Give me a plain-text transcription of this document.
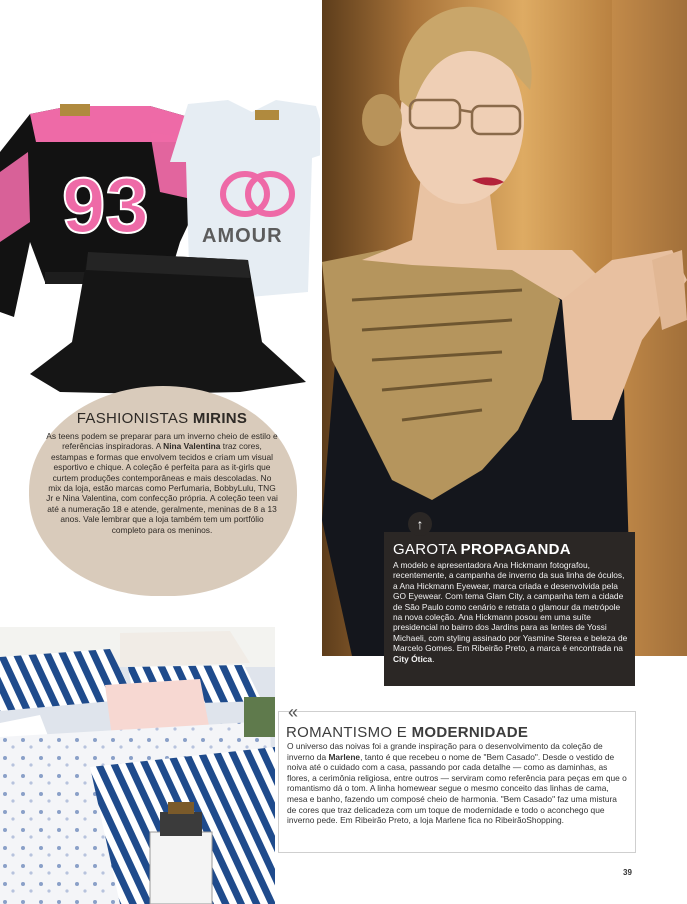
93	AMOUR
FASHIONISTAS MIRINS
As teens podem se preparar para um inverno cheio de estilo e referências inspiradoras. A Nina Valentina traz cores, estampas e formas que envolvem tecidos e criam um visual esportivo e chique. A coleção é perfeita para as it-girls que curtem produções contemporâneas e mais descoladas. No mix da loja, estão marcas como Perfumaria, BobbyLulu, TNG Jr e Nina Valentina, com confecção própria. A coleção teen vai até a numeração 18 e atende, geralmente, meninas de 8 a 13 anos. Vale lembrar que a loja também tem um portfólio completo para os meninos.	↑
GAROTA PROPAGANDA
A modelo e apresentadora Ana Hickmann fotografou, recentemente, a campanha de inverno da sua linha de óculos, a Ana Hickmann Eyewear, marca criada e desenvolvida pela GO Eyewear. Com tema Glam City, a campanha tem a cidade de São Paulo como cenário e retrata o glamour da metrópole na nova coleção. Ana Hickmann posou em uma suíte presidencial no bairro dos Jardins para as lentes de Yossi Michaeli, com styling assinado por Yasmine Sterea e beleza de Marcelo Gomes. Em Ribeirão Preto, a marca é encontrada na City Ótica.
«
ROMANTISMO E MODERNIDADE
O universo das noivas foi a grande inspiração para o desenvolvimento da coleção de inverno da Marlene, tanto é que recebeu o nome de "Bem Casado". Desde o vestido de noiva até o cuidado com a casa, passando por cada detalhe — como as daminhas, as flores, a cerimônia religiosa, entre outros — serviram como referência para peças em que o romantismo dá o tom. A linha homewear segue o mesmo conceito das linhas de cama, mesa e banho, fazendo um composé cheio de harmonia. "Bem Casado" faz uma mistura de cores que traz delicadeza com um toque de modernidade e todo o aconchego que inverno pede. Em Ribeirão Preto, a loja Marlene fica no RibeirãoShopping.
39
